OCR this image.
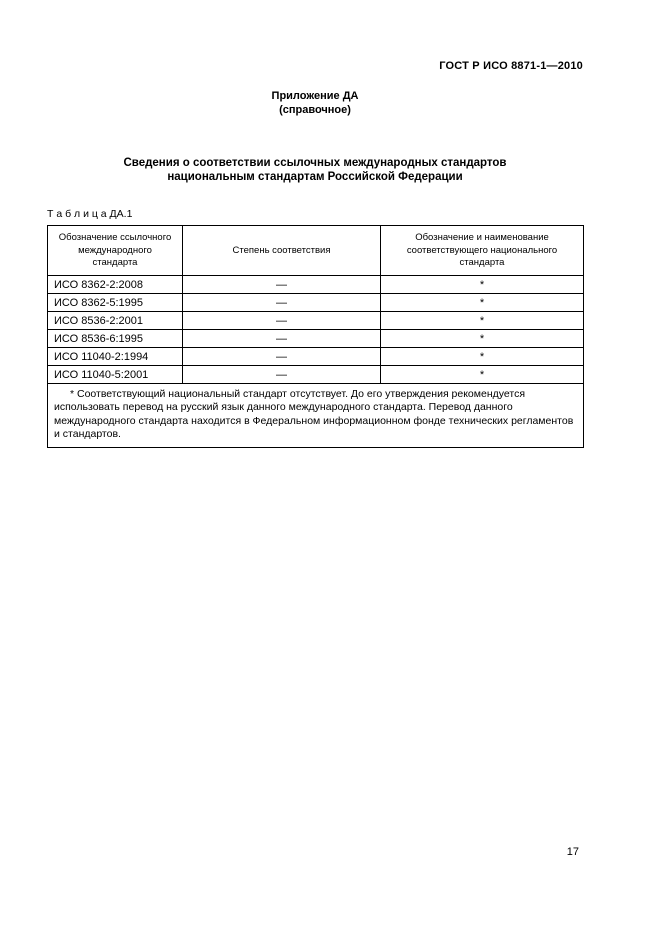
ГОСТ Р ИСО 8871-1—2010
Приложение ДА
(справочное)
Сведения о соответствии ссылочных международных стандартов
национальным стандартам Российской Федерации
Т а б л и ц а ДА.1
Обозначение ссылочного международного стандарта	Степень соответствия	Обозначение и наименование соответствующего национального стандарта
ИСО 8362-2:2008	—	*
ИСО 8362-5:1995	—	*
ИСО 8536-2:2001	—	*
ИСО 8536-6:1995	—	*
ИСО 11040-2:1994	—	*
ИСО 11040-5:2001	—	*

* Соответствующий национальный стандарт отсутствует. До его утверждения рекомендуется использовать перевод на русский язык данного международного стандарта. Перевод данного международного стандарта находится в Федеральном информационном фонде технических регламентов и стандартов.		

17
